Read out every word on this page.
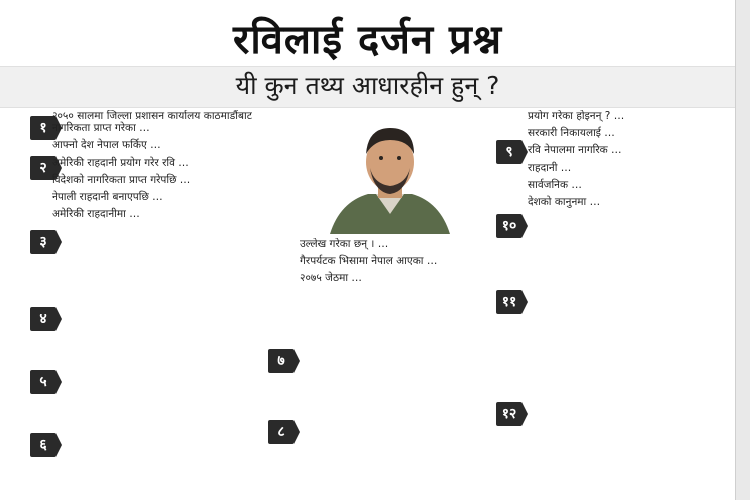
रविलाई दर्जन प्रश्न
यी कुन तथ्य आधारहीन हुन् ?
१
२
३
४
५
६
७
८
९
१०
११
१२

२०५० सालमा जिल्ला प्रशासन कार्यालय काठमाडौंबाट नागरिकता प्राप्त गरेका …

आफ्नो देश नेपाल फर्किए …

अमेरिकी राहदानी प्रयोग गरेर रवि …

विदेशको नागरिकता प्राप्त गरेपछि …

नेपाली राहदानी बनाएपछि …

अमेरिकी राहदानीमा …

उल्लेख गरेका छन् । …

गैरपर्यटक भिसामा नेपाल आएका …

२०७५ जेठमा …

प्रयोग गरेका होइनन् ? …

सरकारी निकायलाई …

रवि नेपालमा नागरिक …

राहदानी …

सार्वजनिक …

देशको कानुनमा …
